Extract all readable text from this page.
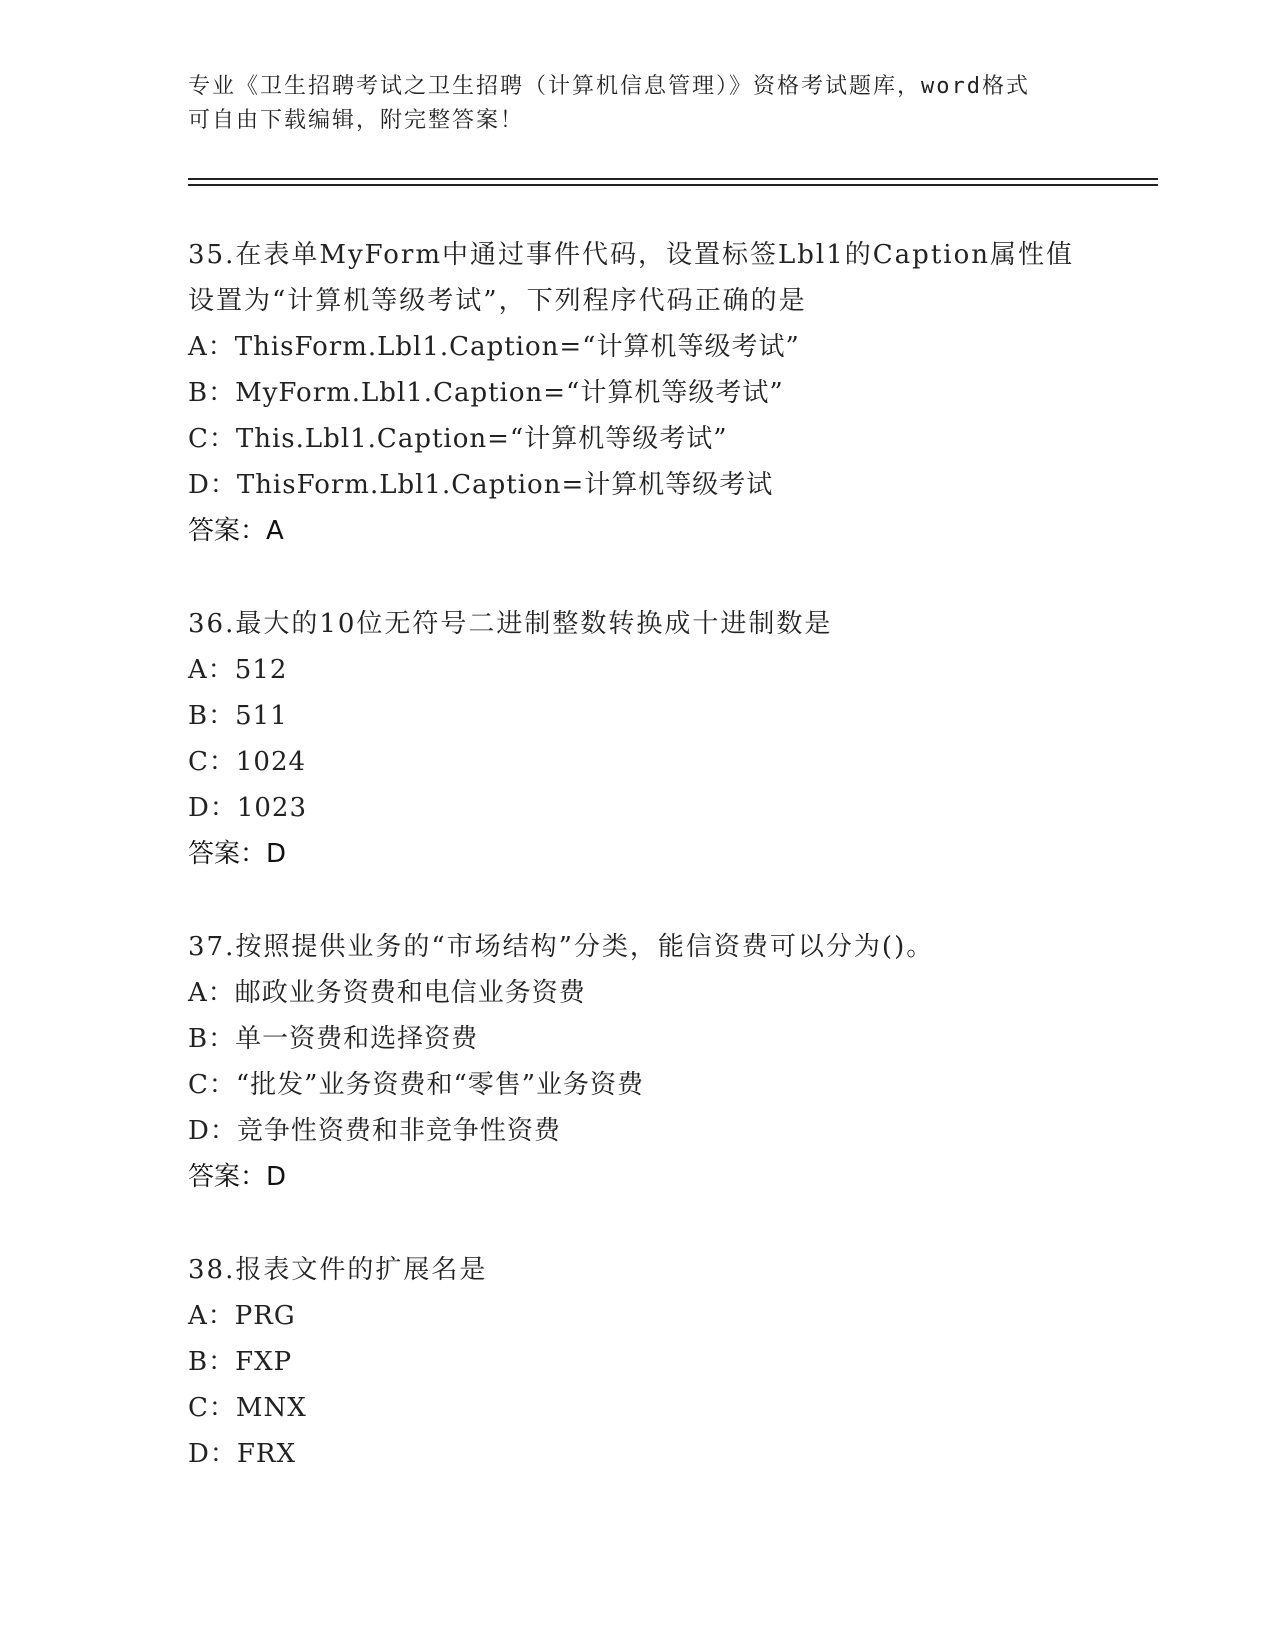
专业《卫生招聘考试之卫生招聘（计算机信息管理）》资格考试题库，word格式
可自由下载编辑，附完整答案！
35.在表单MyForm中通过事件代码，设置标签Lbl1的Caption属性值
设置为“计算机等级考试”，下列程序代码正确的是
A：ThisForm.Lbl1.Caption=“计算机等级考试”
B：MyForm.Lbl1.Caption=“计算机等级考试”
C：This.Lbl1.Caption=“计算机等级考试”
D：ThisForm.Lbl1.Caption=计算机等级考试
答案：A
36.最大的10位无符号二进制整数转换成十进制数是
A：512
B：511
C：1024
D：1023
答案：D
37.按照提供业务的“市场结构”分类，能信资费可以分为()。
A：邮政业务资费和电信业务资费
B：单一资费和选择资费
C：“批发”业务资费和“零售”业务资费
D：竞争性资费和非竞争性资费
答案：D
38.报表文件的扩展名是
A：PRG
B：FXP
C：MNX
D：FRX
